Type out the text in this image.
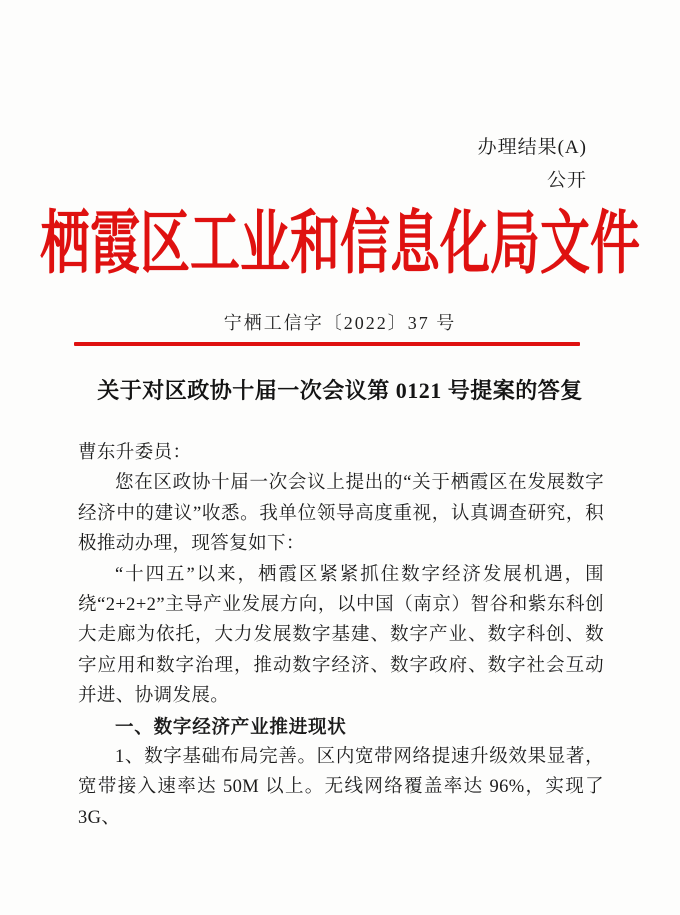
办理结果(A)
公开
栖霞区工业和信息化局文件
宁栖工信字〔2022〕37 号
关于对区政协十届一次会议第 0121 号提案的答复

曹东升委员：

您在区政协十届一次会议上提出的“关于栖霞区在发展数字经济中的建议”收悉。我单位领导高度重视，认真调查研究，积极推动办理，现答复如下：

“十四五”以来，栖霞区紧紧抓住数字经济发展机遇，围绕“2+2+2”主导产业发展方向，以中国（南京）智谷和紫东科创大走廊为依托，大力发展数字基建、数字产业、数字科创、数字应用和数字治理，推动数字经济、数字政府、数字社会互动并进、协调发展。

一、数字经济产业推进现状

1、数字基础布局完善。区内宽带网络提速升级效果显著，宽带接入速率达 50M 以上。无线网络覆盖率达 96%，实现了 3G、
